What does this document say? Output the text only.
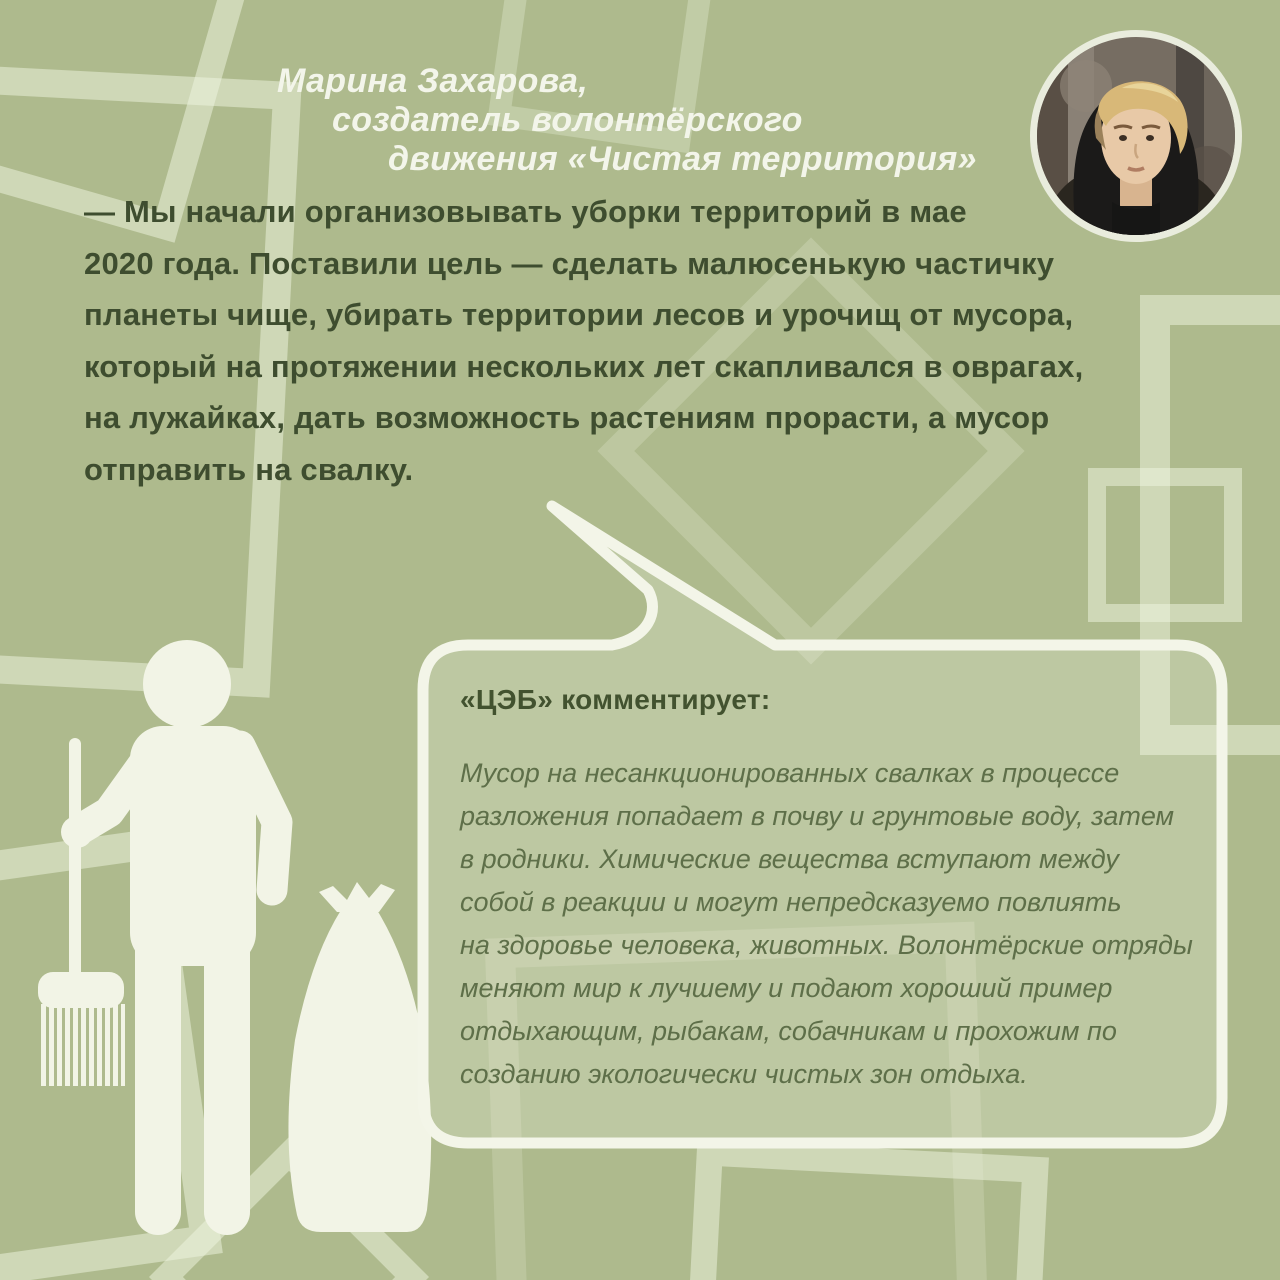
Марина Захарова,
создатель волонтёрского
движения «Чистая территория»
— Мы начали организовывать уборки территорий в мае
2020 года. Поставили цель — сделать малюсенькую частичку
планеты чище, убирать территории лесов и урочищ от мусора,
который на протяжении нескольких лет скапливался в оврагах,
на лужайках, дать возможность растениям прорасти, а мусор
отправить на свалку.
«ЦЭБ» комментирует:
Мусор на несанкционированных свалках в процессе
разложения попадает в почву и грунтовые воду, затем
в родники. Химические вещества вступают между
собой в реакции и могут непредсказуемо повлиять
на здоровье человека, животных. Волонтёрские отряды
меняют мир к лучшему и подают хороший пример
отдыхающим, рыбакам, собачникам и прохожим по
созданию экологически чистых зон отдыха.
